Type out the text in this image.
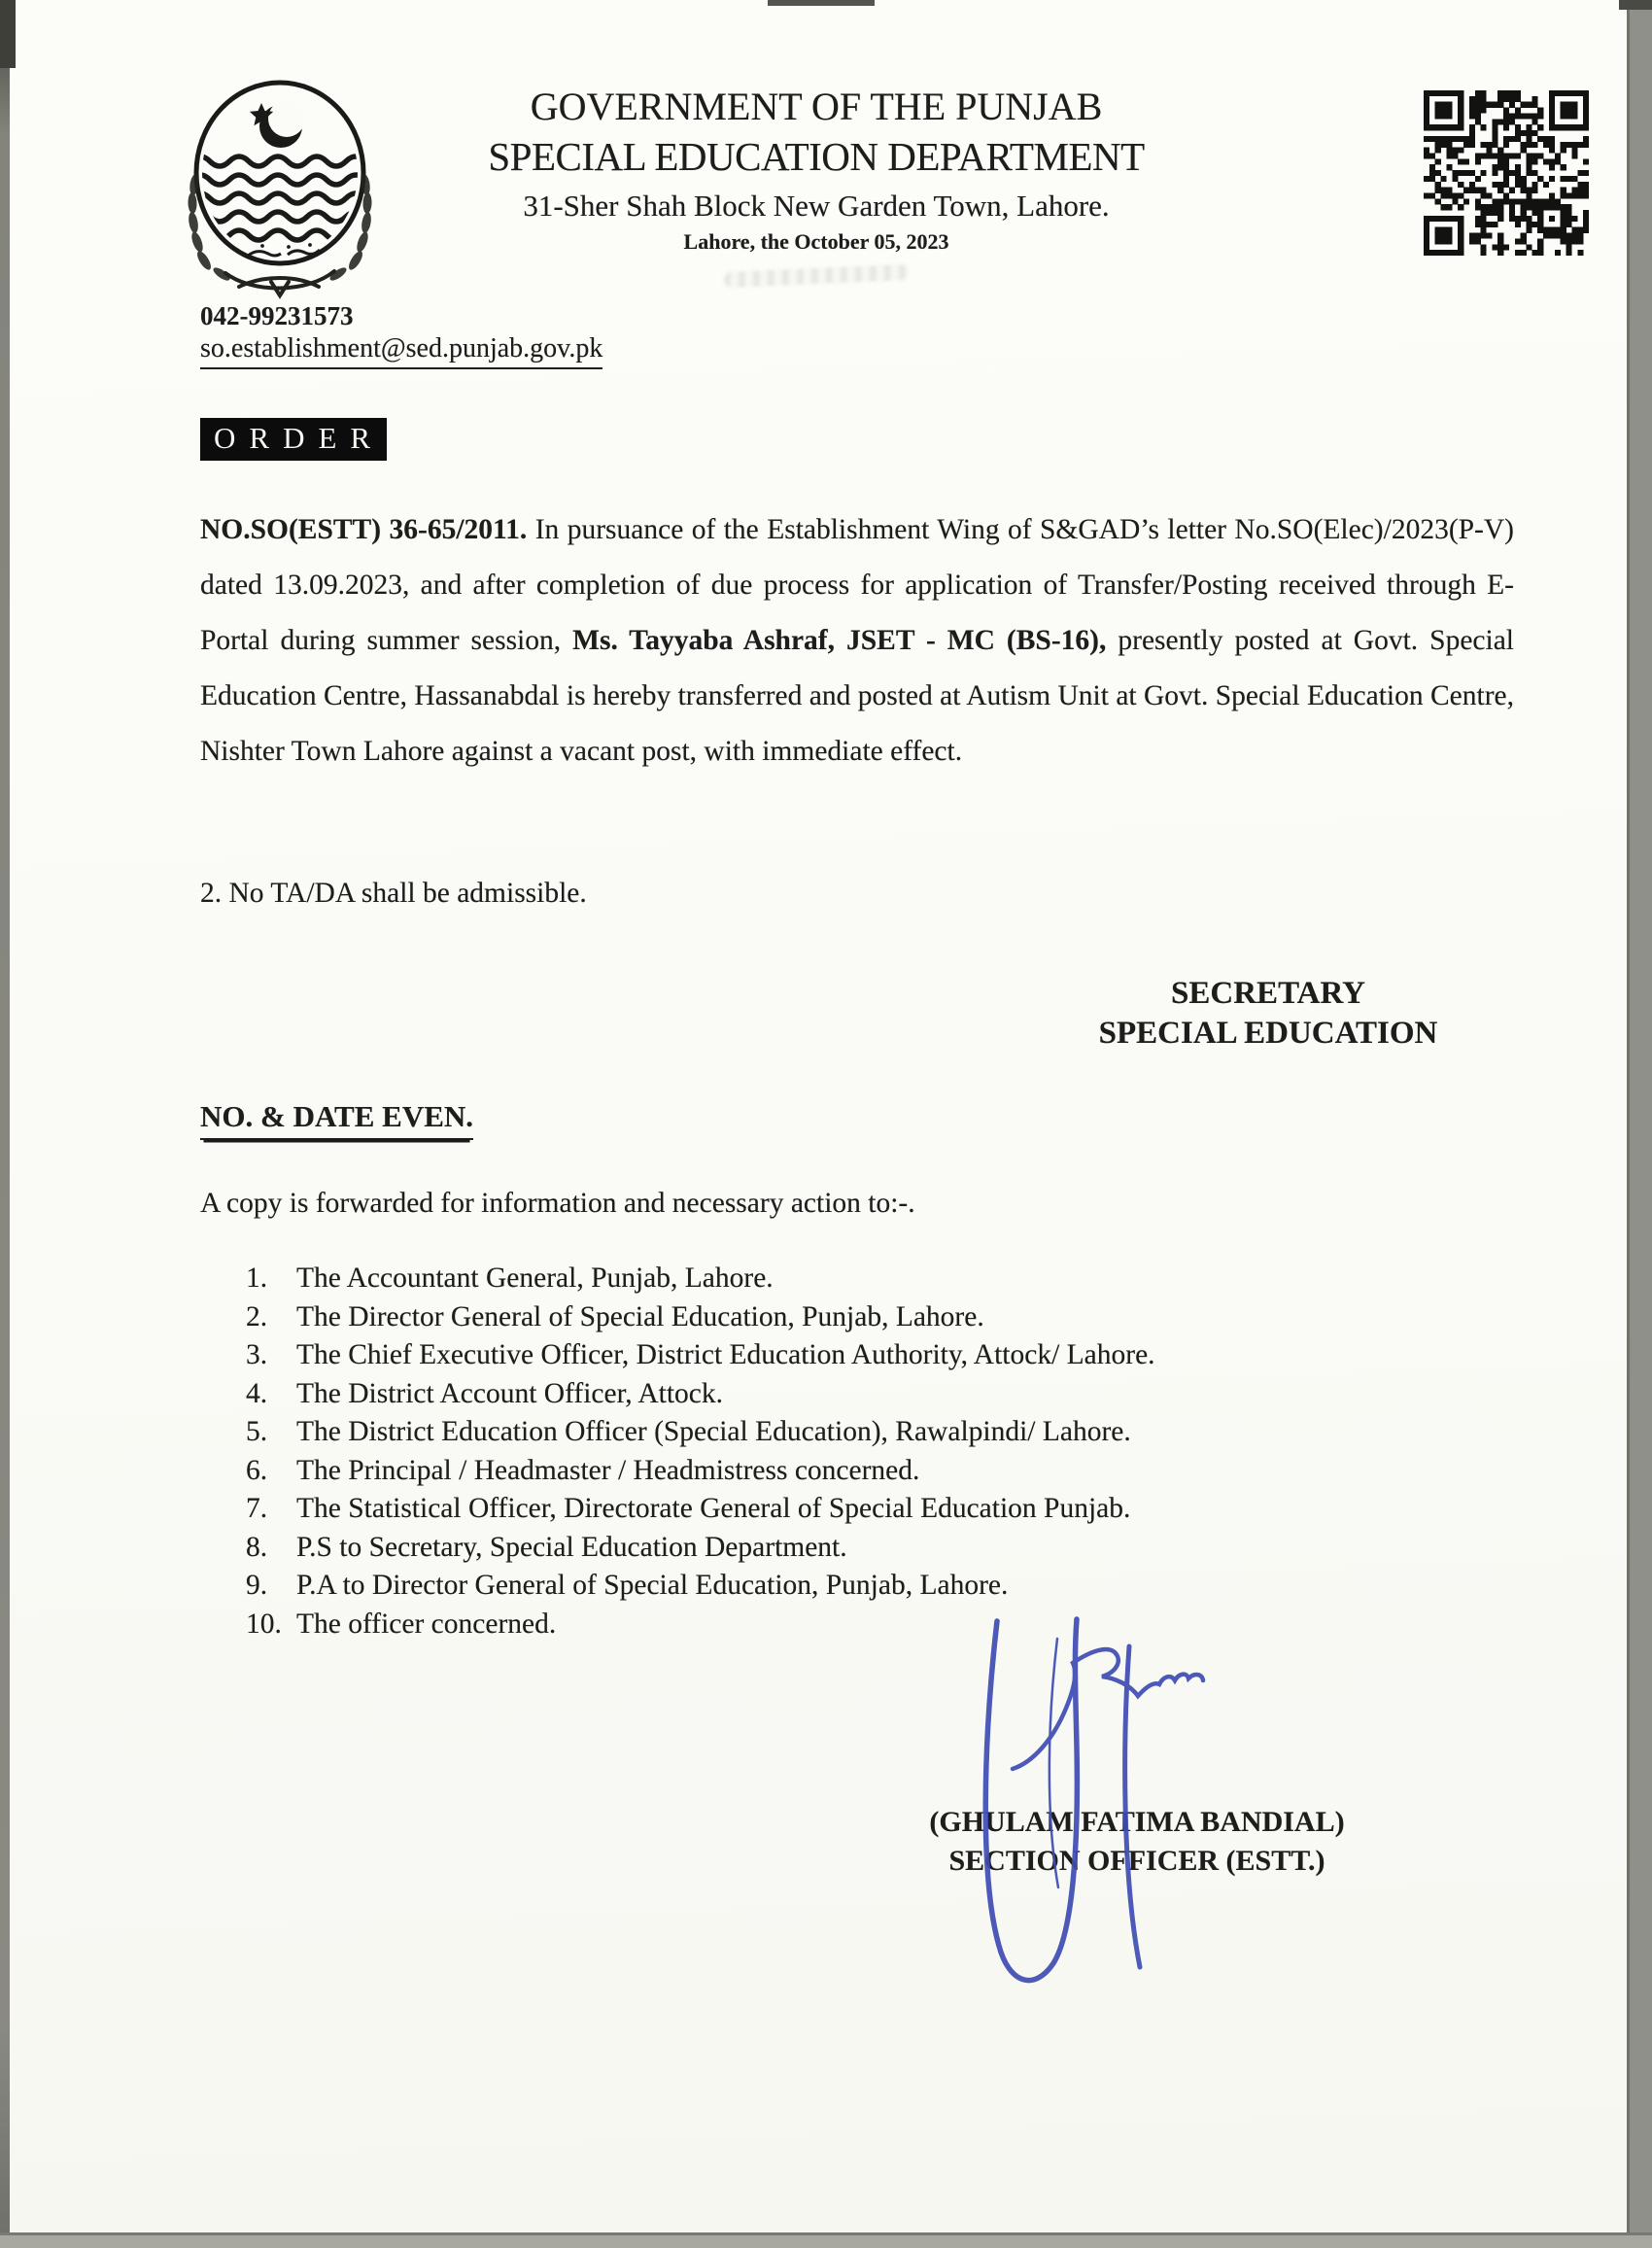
GOVERNMENT OF THE PUNJAB
SPECIAL EDUCATION DEPARTMENT
31-Sher Shah Block New Garden Town, Lahore.
Lahore, the October 05, 2023
042-99231573
so.establishment@sed.punjab.gov.pk
ORDER
NO.SO(ESTT) 36-65/2011. In pursuance of the Establishment Wing of S&GAD’s letter No.SO(Elec)/2023(P-V) dated 13.09.2023, and after completion of due process for application of Transfer/Posting received through E-Portal during summer session, Ms. Tayyaba Ashraf, JSET - MC (BS-16), presently posted at Govt. Special Education Centre, Hassanabdal is hereby transferred and posted at Autism Unit at Govt. Special Education Centre, Nishter Town Lahore against a vacant post, with immediate effect.
2. No TA/DA shall be admissible.
SECRETARY
SPECIAL EDUCATION
NO. & DATE EVEN.
A copy is forwarded for information and necessary action to:-.
1.	The Accountant General, Punjab, Lahore.
2.	The Director General of Special Education, Punjab, Lahore.
3.	The Chief Executive Officer, District Education Authority, Attock/ Lahore.
4.	The District Account Officer, Attock.
5.	The District Education Officer (Special Education), Rawalpindi/ Lahore.
6.	The Principal / Headmaster / Headmistress concerned.
7.	The Statistical Officer, Directorate General of Special Education Punjab.
8.	P.S to Secretary, Special Education Department.
9.	P.A to Director General of Special Education, Punjab, Lahore.
10. The officer concerned.
(GHULAM FATIMA BANDIAL)
SECTION OFFICER (ESTT.)
